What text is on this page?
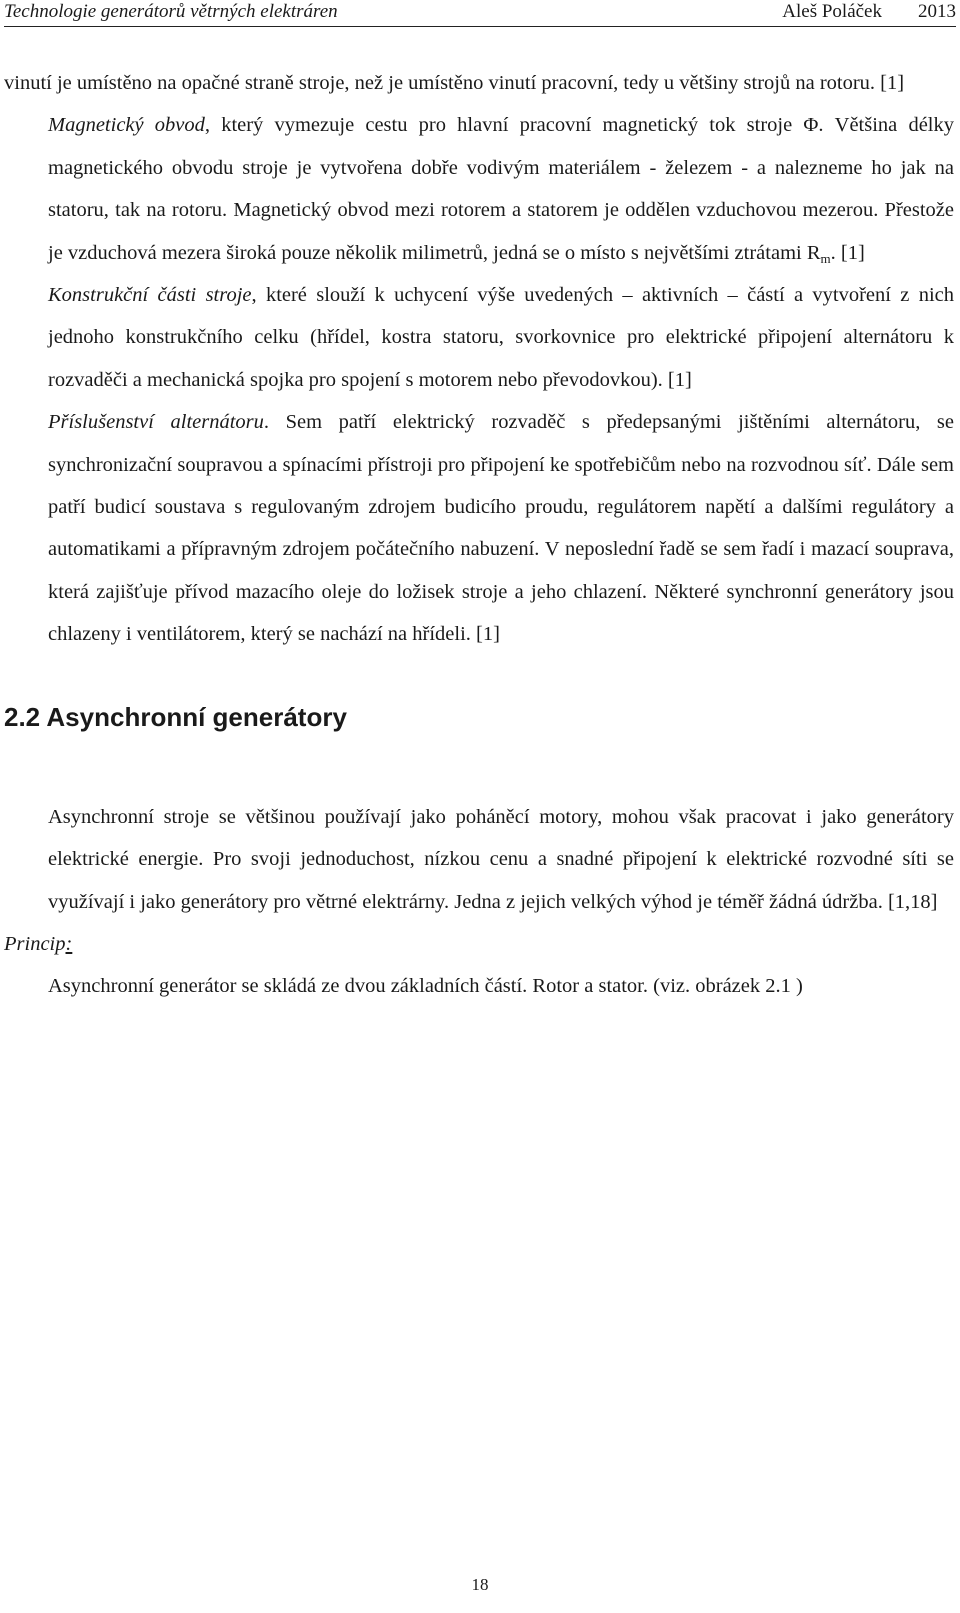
Technologie generátorů větrných elektráren	Aleš Poláček 2013

vinutí je umístěno na opačné straně stroje, než je umístěno vinutí pracovní, tedy u většiny strojů na rotoru. [1]

Magnetický obvod, který vymezuje cestu pro hlavní pracovní magnetický tok stroje Φ. Většina délky magnetického obvodu stroje je vytvořena dobře vodivým materiálem - železem - a nalezneme ho jak na statoru, tak na rotoru. Magnetický obvod mezi rotorem a statorem je oddělen vzduchovou mezerou. Přestože je vzduchová mezera široká pouze několik milimetrů, jedná se o místo s největšími ztrátami $R_m$. [1]

Konstrukční části stroje, které slouží k uchycení výše uvedených – aktivních – částí a vytvoření z nich jednoho konstrukčního celku (hřídel, kostra statoru, svorkovnice pro elektrické připojení alternátoru k rozvaděči a mechanická spojka pro spojení s motorem nebo převodovkou). [1]

Příslušenství alternátoru. Sem patří elektrický rozvaděč s předepsanými jištěními alternátoru, se synchronizační soupravou a spínacími přístroji pro připojení ke spotřebičům nebo na rozvodnou síť. Dále sem patří budicí soustava s regulovaným zdrojem budicího proudu, regulátorem napětí a dalšími regulátory a automatikami a přípravným zdrojem počátečního nabuzení. V neposlední řadě se sem řadí i mazací souprava, která zajišťuje přívod mazacího oleje do ložisek stroje a jeho chlazení. Některé synchronní generátory jsou chlazeny i ventilátorem, který se nachází na hřídeli. [1]

2.2 Asynchronní generátory

Asynchronní stroje se většinou používají jako poháněcí motory, mohou však pracovat i jako generátory elektrické energie. Pro svoji jednoduchost, nízkou cenu a snadné připojení k elektrické rozvodné síti se využívají i jako generátory pro větrné elektrárny. Jedna z jejich velkých výhod je téměř žádná údržba. [1,18]

Princip:

Asynchronní generátor se skládá ze dvou základních částí. Rotor a stator. (viz. obrázek 2.1 )

18
